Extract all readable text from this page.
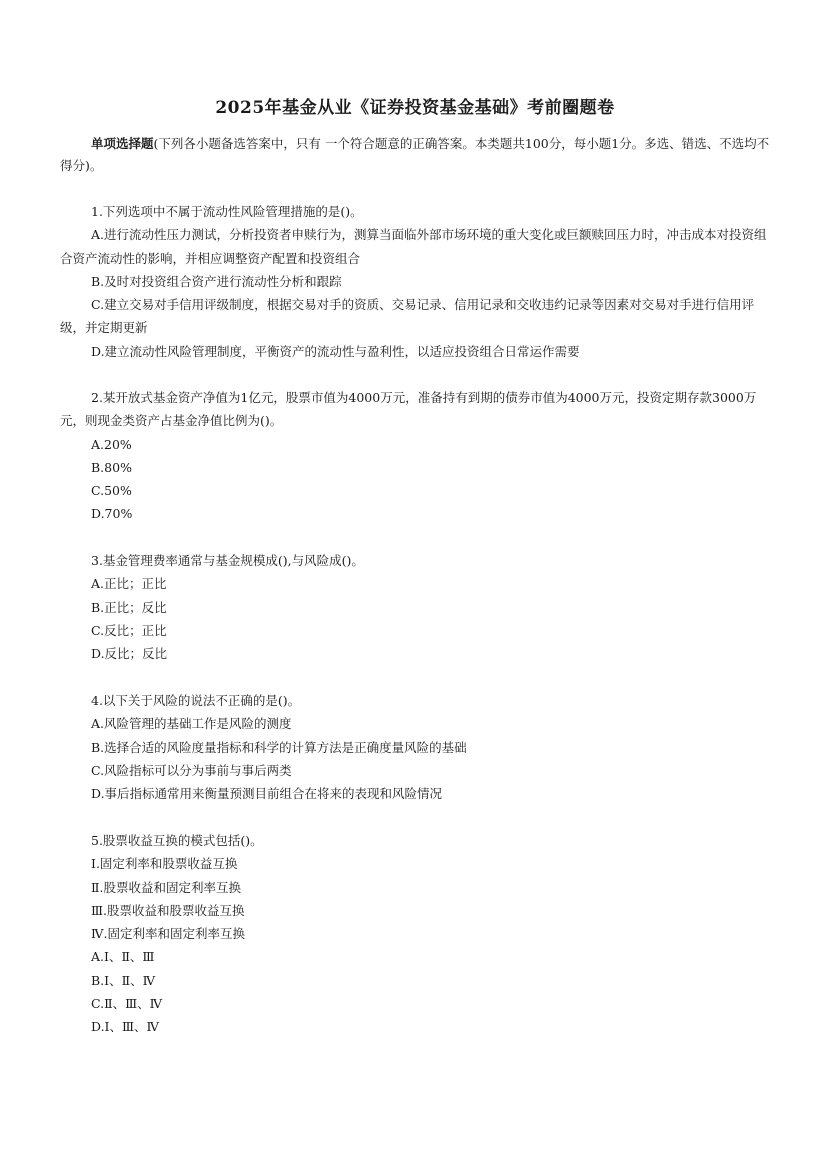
2025年基金从业《证券投资基金基础》考前圈题卷
单项选择题(下列各小题备选答案中，只有 一个符合题意的正确答案。本类题共100分，每小题1分。多选、错选、不选均不得分)。
1.下列选项中不属于流动性风险管理措施的是()。
A.进行流动性压力测试，分析投资者申赎行为，测算当面临外部市场环境的重大变化或巨额赎回压力时，冲击成本对投资组合资产流动性的影响，并相应调整资产配置和投资组合
B.及时对投资组合资产进行流动性分析和跟踪
C.建立交易对手信用评级制度，根据交易对手的资质、交易记录、信用记录和交收违约记录等因素对交易对手进行信用评级，并定期更新
D.建立流动性风险管理制度，平衡资产的流动性与盈利性，以适应投资组合日常运作需要
2.某开放式基金资产净值为1亿元，股票市值为4000万元，准备持有到期的债券市值为4000万元，投资定期存款3000万元，则现金类资产占基金净值比例为()。
A.20%
B.80%
C.50%
D.70%
3.基金管理费率通常与基金规模成(),与风险成()。
A.正比；正比
B.正比；反比
C.反比；正比
D.反比；反比
4.以下关于风险的说法不正确的是()。
A.风险管理的基础工作是风险的测度
B.选择合适的风险度量指标和科学的计算方法是正确度量风险的基础
C.风险指标可以分为事前与事后两类
D.事后指标通常用来衡量预测目前组合在将来的表现和风险情况
5.股票收益互换的模式包括()。
I.固定利率和股票收益互换
Ⅱ.股票收益和固定利率互换
Ⅲ.股票收益和股票收益互换
Ⅳ.固定利率和固定利率互换
A.Ⅰ、Ⅱ、Ⅲ
B.Ⅰ、Ⅱ、Ⅳ
C.Ⅱ、Ⅲ、Ⅳ
D.Ⅰ、Ⅲ、Ⅳ
